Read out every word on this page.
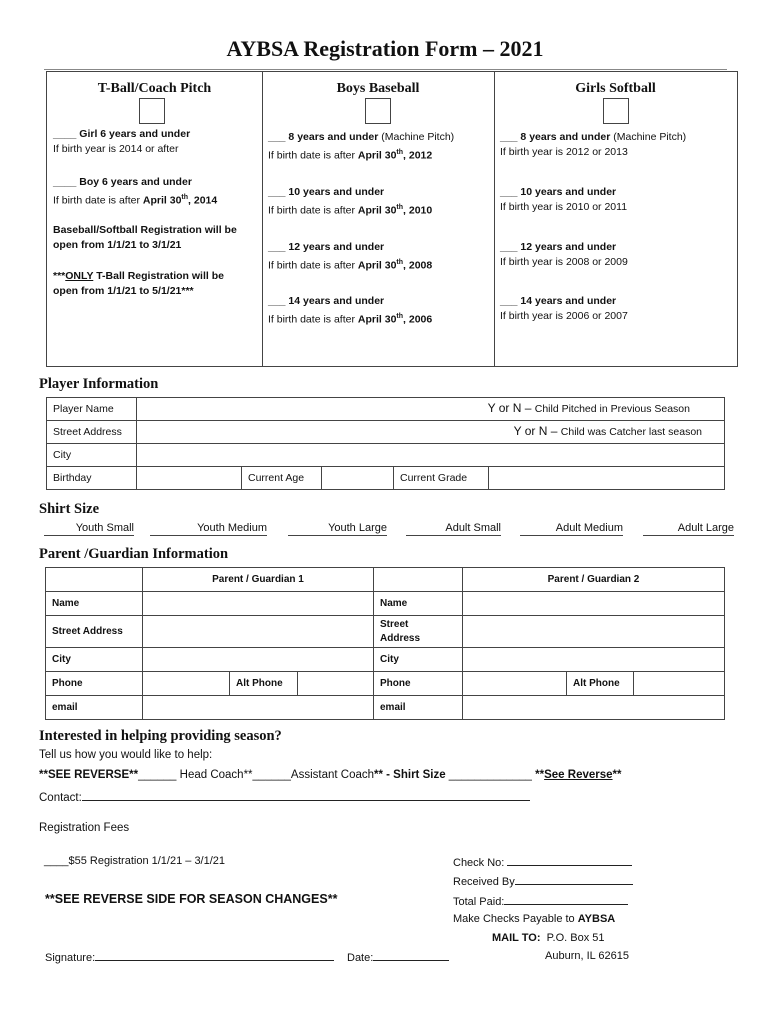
AYBSA Registration Form – 2021
T-Ball/Coach Pitch
____ Girl 6 years and under
If birth year is 2014 or after
____ Boy 6 years and under
If birth date is after April 30th, 2014
Baseball/Softball Registration will be
open from 1/1/21 to 3/1/21
***ONLY T-Ball Registration will be
open from 1/1/21 to 5/1/21***
Boys Baseball
___ 8 years and under (Machine Pitch)
If birth date is after April 30th, 2012
___ 10 years and under
If birth date is after April 30th, 2010
___ 12 years and under
If birth date is after April 30th, 2008
___ 14 years and under
If birth date is after April 30th, 2006
Girls Softball
___ 8 years and under (Machine Pitch)
If birth year is 2012 or 2013
___ 10 years and under
If birth year is 2010 or 2011
___ 12 years and under
If birth year is 2008 or 2009
___ 14 years and under
If birth year is 2006 or 2007
Player Information
Player Name	Y or N – Child Pitched in Previous Season				

Street Address	Y or N – Child was Catcher last season				

City					
Birthday		Current Age		Current Grade	
Shirt Size
Youth Small	Youth Medium	Youth Large	Adult Small	Adult Medium	Adult Large
Parent /Guardian Information
	Parent / Guardian 1				Parent / Guardian 2		
Name				Name			
Street Address				Street
Address			

City				City			
Phone		Alt Phone		Phone		Alt Phone	
email				email			
Interested in helping providing season?
Tell us how you would like to help:
**SEE REVERSE**______ Head Coach**______Assistant Coach** - Shirt Size _____________ **See Reverse**
Contact:
Registration Fees
____$55 Registration 1/1/21 – 3/1/21
**SEE REVERSE SIDE FOR SEASON CHANGES**
Signature:	Date:
Check No:
Received By
Total Paid:
Make Checks Payable to AYBSA
MAIL TO: P.O. Box 51
Auburn, IL 62615
